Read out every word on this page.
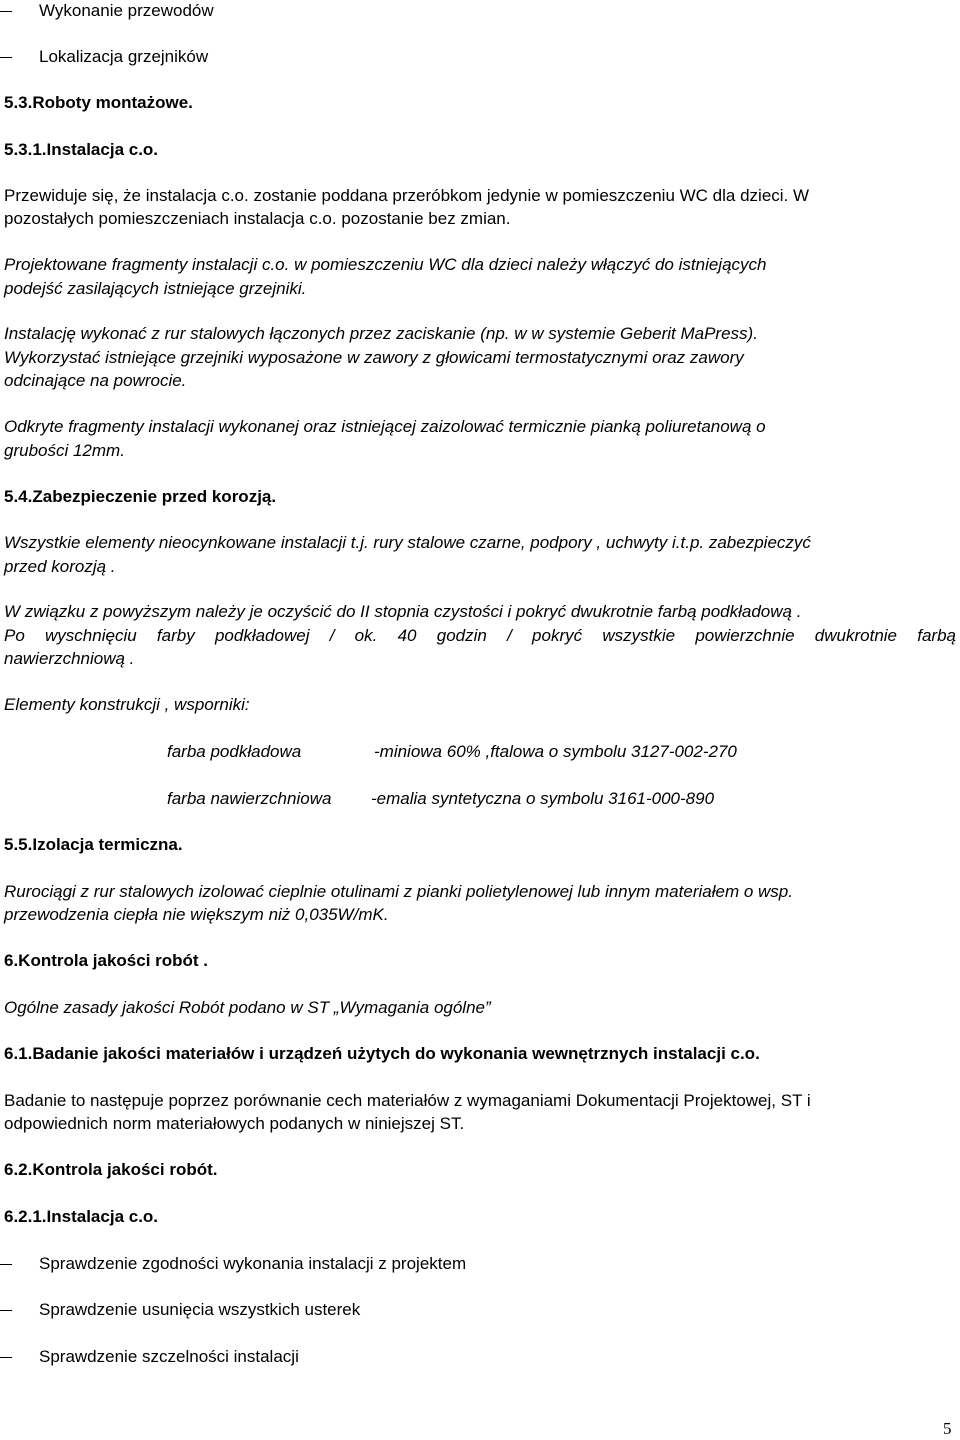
Wykonanie przewodów

Lokalizacja grzejników

5.3.Roboty montażowe.

5.3.1.Instalacja c.o.

Przewiduje się, że instalacja c.o. zostanie poddana przeróbkom jedynie w pomieszczeniu WC dla dzieci. W

pozostałych pomieszczeniach instalacja c.o. pozostanie bez zmian.

Projektowane fragmenty instalacji c.o. w pomieszczeniu WC dla dzieci należy włączyć do istniejących

podejść zasilających istniejące grzejniki.

Instalację wykonać z rur stalowych łączonych przez zaciskanie (np. w w systemie Geberit MaPress).

Wykorzystać istniejące grzejniki wyposażone w zawory z głowicami termostatycznymi oraz zawory

odcinające na powrocie.

Odkryte fragmenty instalacji wykonanej oraz istniejącej zaizolować termicznie pianką poliuretanową o

grubości 12mm.

5.4.Zabezpieczenie przed korozją.

Wszystkie elementy nieocynkowane instalacji t.j. rury stalowe czarne, podpory , uchwyty i.t.p. zabezpieczyć

przed korozją .

W związku z powyższym należy je oczyścić do II stopnia czystości i pokryć dwukrotnie farbą podkładową .

Po wyschnięciu farby podkładowej / ok. 40 godzin / pokryć wszystkie powierzchnie dwukrotnie farbą

nawierzchniową .

Elementy konstrukcji , wsporniki:

farba podkładowa	-miniowa 60% ,ftalowa o symbolu 3127-002-270

farba nawierzchniowa -emalia syntetyczna o symbolu 3161-000-890

5.5.Izolacja termiczna.

Rurociągi z rur stalowych izolować cieplnie otulinami z pianki polietylenowej lub innym materiałem o wsp.

przewodzenia ciepła nie większym niż 0,035W/mK.

6.Kontrola jakości robót .

Ogólne zasady jakości Robót podano w ST „Wymagania ogólne”

6.1.Badanie jakości materiałów i urządzeń użytych do wykonania wewnętrznych instalacji c.o.

Badanie to następuje poprzez porównanie cech materiałów z wymaganiami Dokumentacji Projektowej, ST i

odpowiednich norm materiałowych podanych w niniejszej ST.

6.2.Kontrola jakości robót.

6.2.1.Instalacja c.o.

Sprawdzenie zgodności wykonania instalacji z projektem

Sprawdzenie usunięcia wszystkich usterek

Sprawdzenie szczelności instalacji

5
